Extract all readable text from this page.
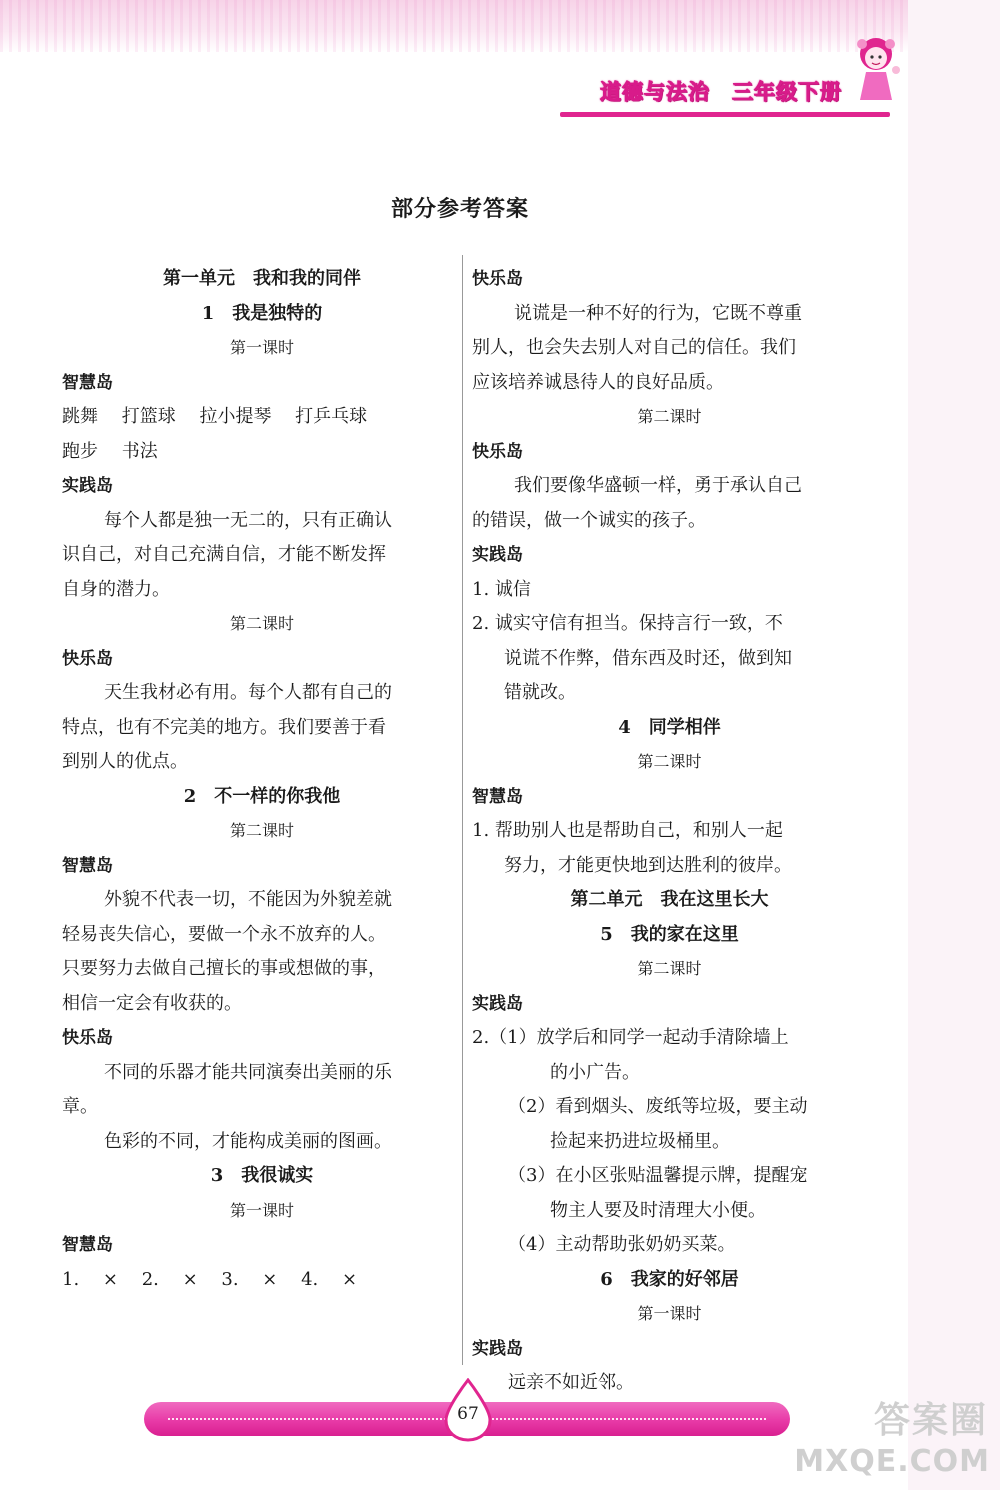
道德与法治 三年级下册
部分参考答案
第一单元　我和我的同伴
1　我是独特的
第一课时
智慧岛
跳舞 打篮球 拉小提琴 打乒乓球
跑步 书法
实践岛
每个人都是独一无二的，只有正确认
识自己，对自己充满自信，才能不断发挥
自身的潜力。
第二课时
快乐岛
天生我材必有用。每个人都有自己的
特点，也有不完美的地方。我们要善于看
到别人的优点。
2　不一样的你我他
第二课时
智慧岛
外貌不代表一切，不能因为外貌差就
轻易丧失信心，要做一个永不放弃的人。
只要努力去做自己擅长的事或想做的事，
相信一定会有收获的。
快乐岛
不同的乐器才能共同演奏出美丽的乐
章。
色彩的不同，才能构成美丽的图画。
3　我很诚实
第一课时
智慧岛
1. × 2. × 3. × 4. ×
快乐岛
说谎是一种不好的行为，它既不尊重
别人，也会失去别人对自己的信任。我们
应该培养诚恳待人的良好品质。
第二课时
快乐岛
我们要像华盛顿一样，勇于承认自己
的错误，做一个诚实的孩子。
实践岛
1. 诚信
2. 诚实守信有担当。保持言行一致，不
说谎不作弊，借东西及时还，做到知
错就改。
4　同学相伴
第二课时
智慧岛
1. 帮助别人也是帮助自己，和别人一起
努力，才能更快地到达胜利的彼岸。
第二单元　我在这里长大
5　我的家在这里
第二课时
实践岛
2.（1）放学后和同学一起动手清除墙上
的小广告。
（2）看到烟头、废纸等垃圾，要主动
捡起来扔进垃圾桶里。
（3）在小区张贴温馨提示牌，提醒宠
物主人要及时清理大小便。
（4）主动帮助张奶奶买菜。
6　我家的好邻居
第一课时
实践岛
远亲不如近邻。
67	答案圈
MXQE.COM
